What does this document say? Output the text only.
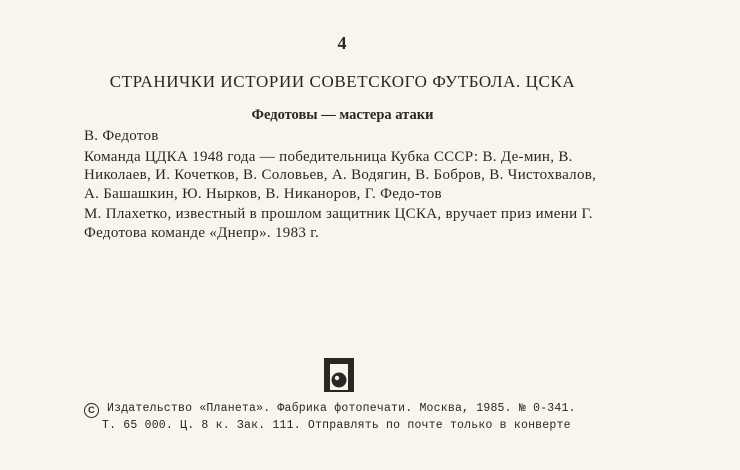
4
СТРАНИЧКИ ИСТОРИИ СОВЕТСКОГО ФУТБОЛА. ЦСКА
Федотовы — мастера атаки

В. Федотов

Команда ЦДКА 1948 года — победительница Кубка СССР: В. Де-мин, В. Николаев, И. Кочетков, В. Соловьев, А. Водягин, В. Бобров, В. Чистохвалов, А. Башашкин, Ю. Нырков, В. Никаноров, Г. Федо-тов

М. Плахетко, известный в прошлом защитник ЦСКА, вручает приз имени Г. Федотова команде «Днепр». 1983 г.

C Издательство «Планета». Фабрика фотопечати. Москва, 1985. № 0-341.
Т. 65 000. Ц. 8 к. Зак. 111. Отправлять по почте только в конверте
